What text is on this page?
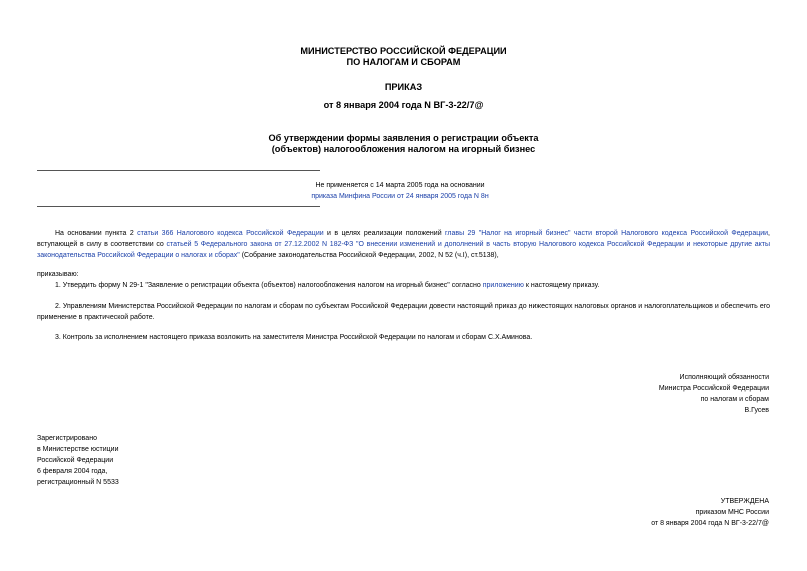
МИНИСТЕРСТВО РОССИЙСКОЙ ФЕДЕРАЦИИ
ПО НАЛОГАМ И СБОРАМ
ПРИКАЗ
от 8 января 2004 года N ВГ-3-22/7@
Об утверждении формы заявления о регистрации объекта
(объектов) налогообложения налогом на игорный бизнес
Не применяется с 14 марта 2005 года на основании
приказа Минфина России от 24 января 2005 года N 8н
На основании пункта 2 статьи 366 Налогового кодекса Российской Федерации и в целях реализации положений главы 29 "Налог на игорный бизнес" части второй Налогового кодекса Российской Федерации, вступающей в силу в соответствии со статьей 5 Федерального закона от 27.12.2002 N 182-ФЗ "О внесении изменений и дополнений в часть вторую Налогового кодекса Российской Федерации и некоторые другие акты законодательства Российской Федерации о налогах и сборах" (Собрание законодательства Российской Федерации, 2002, N 52 (ч.I), ст.5138),
приказываю:
1. Утвердить форму N 29-1 "Заявление о регистрации объекта (объектов) налогообложения налогом на игорный бизнес" согласно приложению к настоящему приказу.
2. Управлениям Министерства Российской Федерации по налогам и сборам по субъектам Российской Федерации довести настоящий приказ до нижестоящих налоговых органов и налогоплательщиков и обеспечить его применение в практической работе.
3. Контроль за исполнением настоящего приказа возложить на заместителя Министра Российской Федерации по налогам и сборам С.Х.Аминова.
Исполняющий обязанности
Министра Российской Федерации
по налогам и сборам
В.Гусев
Зарегистрировано
в Министерстве юстиции
Российской Федерации
6 февраля 2004 года,
регистрационный N 5533
УТВЕРЖДЕНА
приказом МНС России
от 8 января 2004 года N ВГ-3-22/7@
